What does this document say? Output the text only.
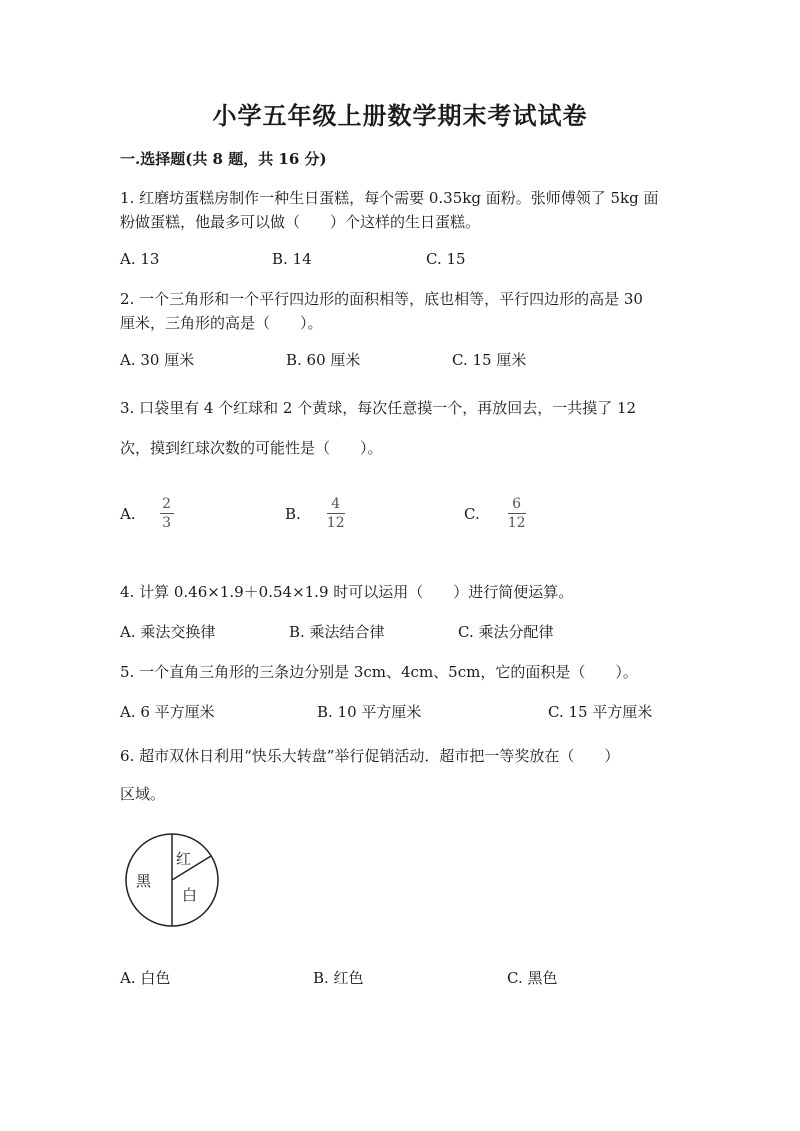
小学五年级上册数学期末考试试卷
一.选择题(共 8 题，共 16 分)
1. 红磨坊蛋糕房制作一种生日蛋糕，每个需要 0.35kg 面粉。张师傅领了 5kg 面
粉做蛋糕，他最多可以做（　　）个这样的生日蛋糕。
A. 13	B. 14	C. 15
2. 一个三角形和一个平行四边形的面积相等，底也相等，平行四边形的高是 30
厘米，三角形的高是（　　）。
A. 30 厘米	B. 60 厘米	C. 15 厘米
3. 口袋里有 4 个红球和 2 个黄球，每次任意摸一个，再放回去，一共摸了 12
次，摸到红球次数的可能性是（　　）。
A. $\frac{2}{3}$	B. $\frac{4}{12}$	C. $\frac{6}{12}$
4. 计算 0.46×1.9＋0.54×1.9 时可以运用（　　）进行简便运算。
A. 乘法交换律	B. 乘法结合律	C. 乘法分配律
5. 一个直角三角形的三条边分别是 3cm、4cm、5cm，它的面积是（　　）。
A. 6 平方厘米	B. 10 平方厘米	C. 15 平方厘米
6. 超市双休日利用“快乐大转盘”举行促销活动．超市把一等奖放在（　　）
区域。
黑
红
白
A. 白色	B. 红色	C. 黑色
